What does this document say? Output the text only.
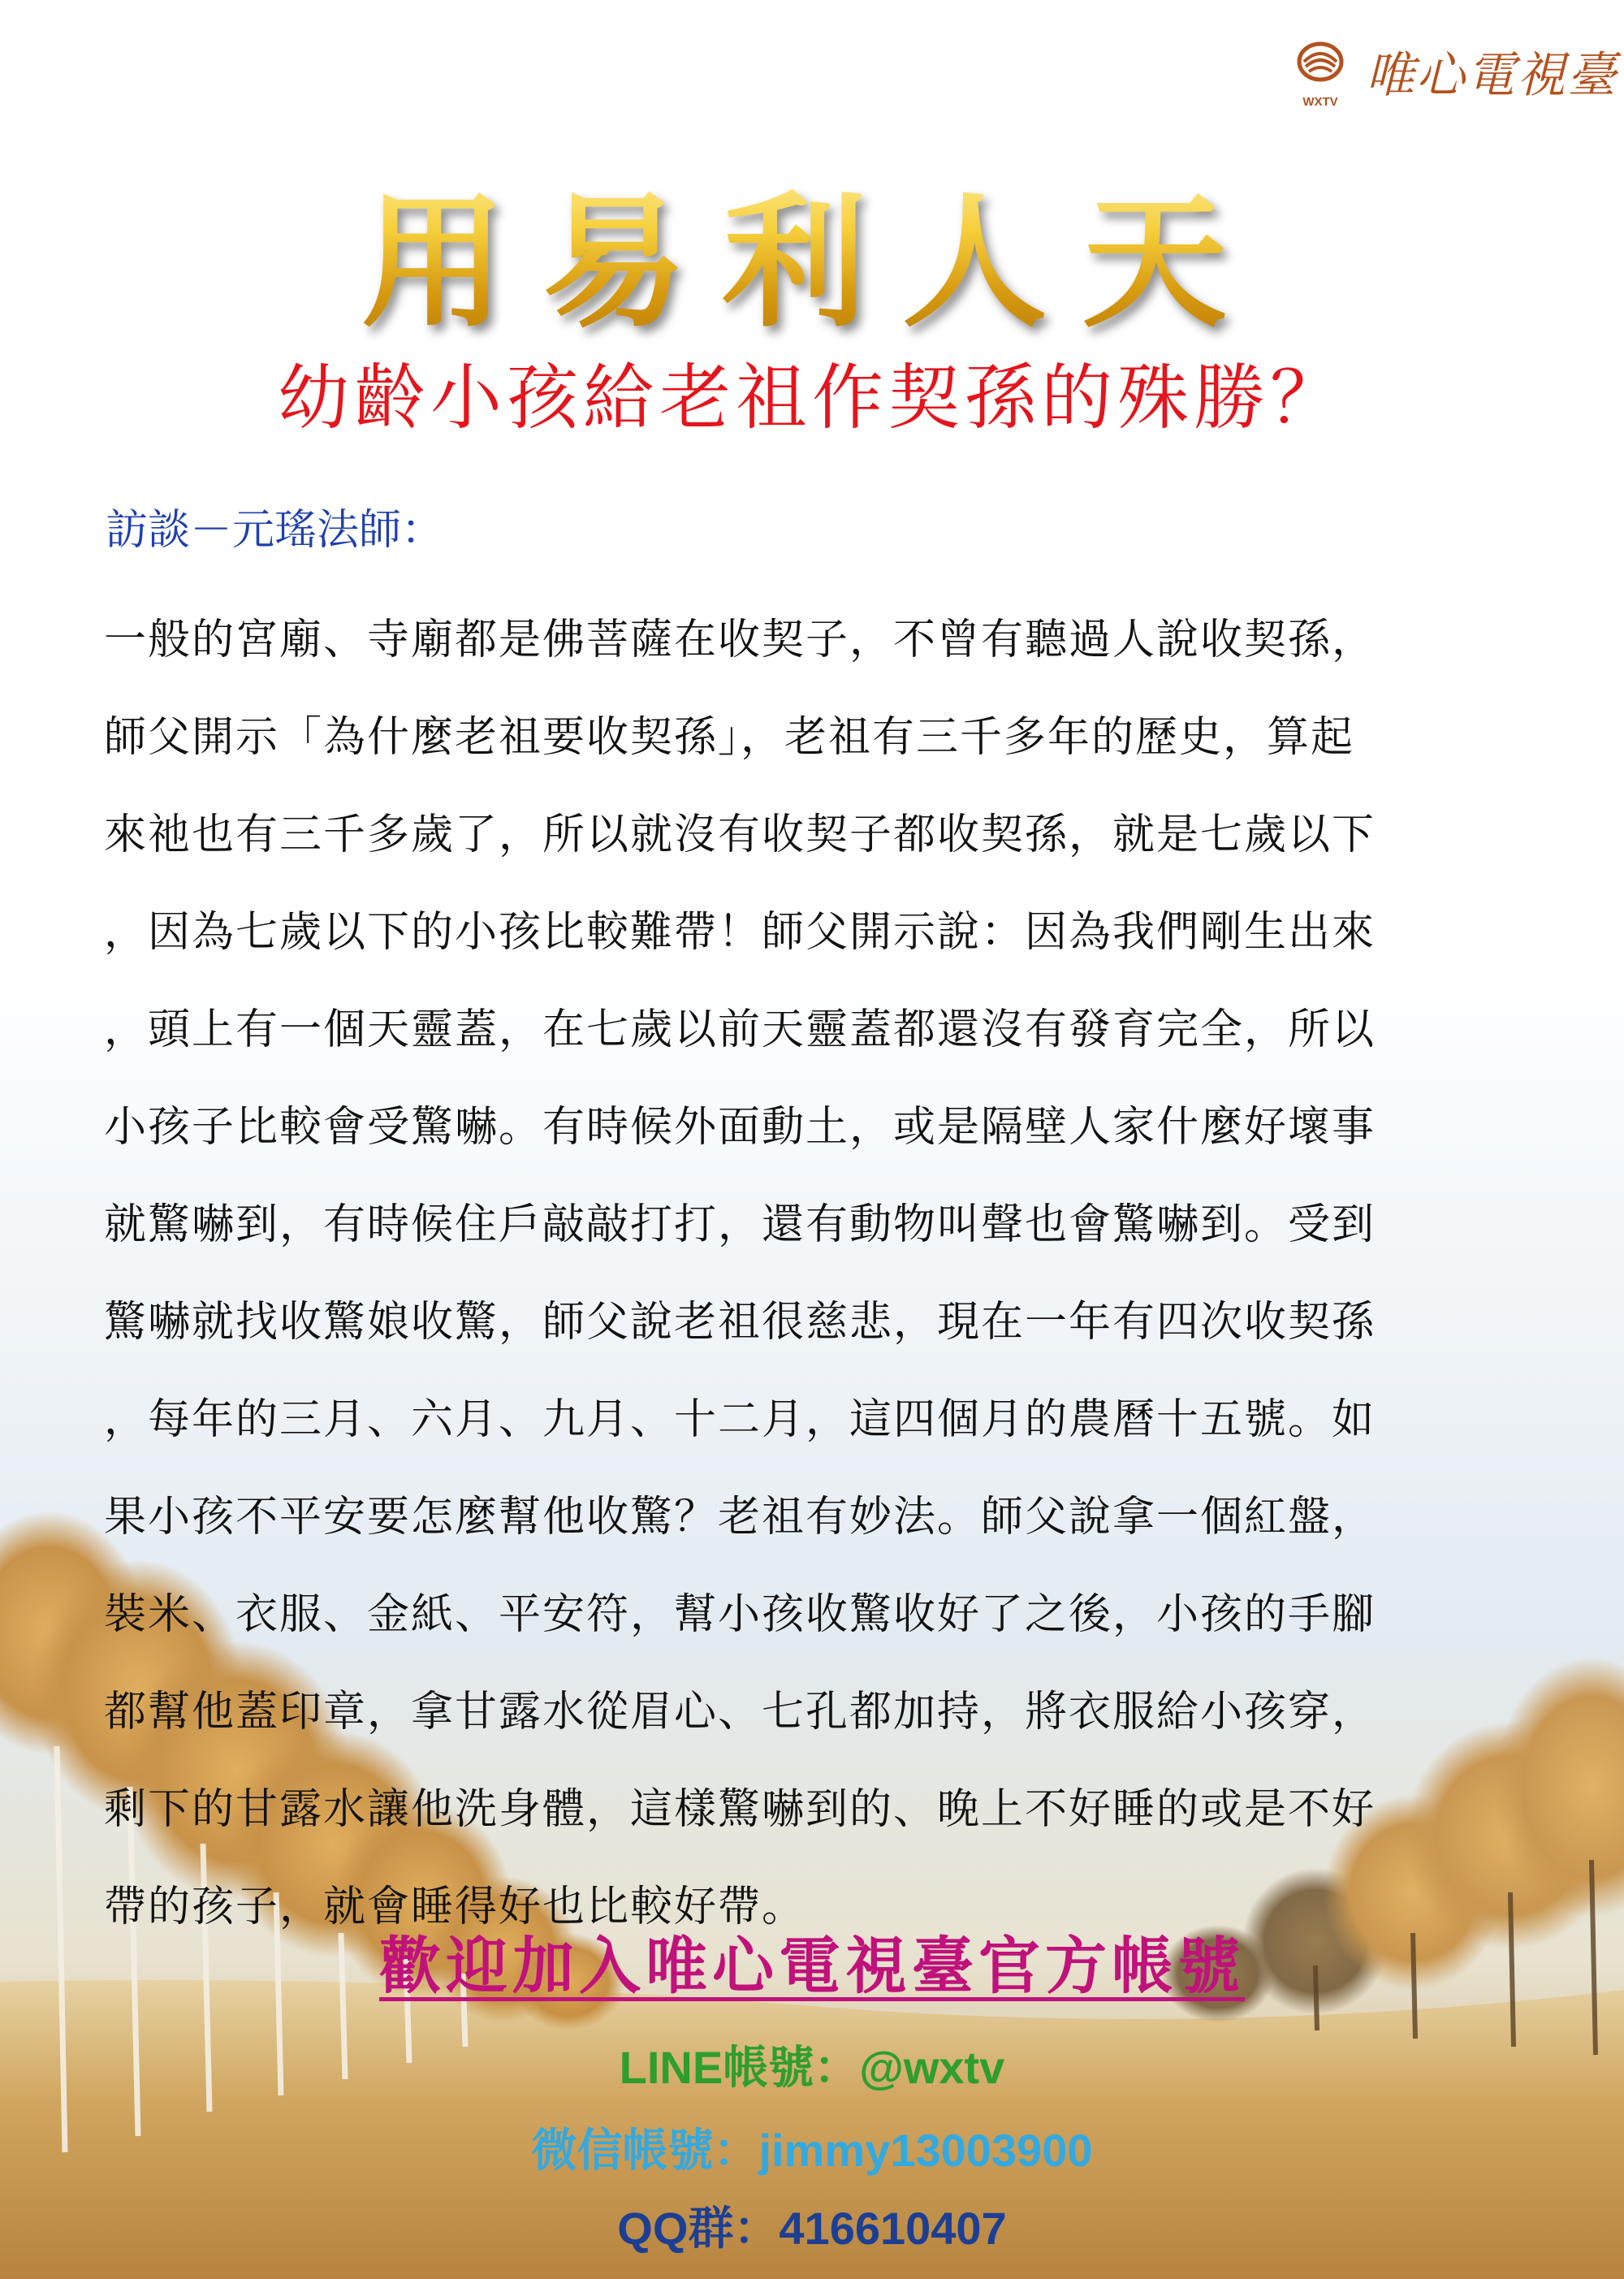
WXTV 唯心電視臺
用易利人天
幼齡小孩給老祖作契孫的殊勝？
訪談－元瑤法師：
一般的宮廟、寺廟都是佛菩薩在收契子，不曾有聽過人說收契孫，
師父開示「為什麼老祖要收契孫」，老祖有三千多年的歷史，算起
來祂也有三千多歲了，所以就沒有收契子都收契孫，就是七歲以下
，因為七歲以下的小孩比較難帶！師父開示說：因為我們剛生出來
，頭上有一個天靈蓋，在七歲以前天靈蓋都還沒有發育完全，所以
小孩子比較會受驚嚇。有時候外面動土，或是隔壁人家什麼好壞事
就驚嚇到，有時候住戶敲敲打打，還有動物叫聲也會驚嚇到。受到
驚嚇就找收驚娘收驚，師父說老祖很慈悲，現在一年有四次收契孫
，每年的三月、六月、九月、十二月，這四個月的農曆十五號。如
果小孩不平安要怎麼幫他收驚？老祖有妙法。師父說拿一個紅盤，
裝米、衣服、金紙、平安符，幫小孩收驚收好了之後，小孩的手腳
都幫他蓋印章，拿甘露水從眉心、七孔都加持，將衣服給小孩穿，
剩下的甘露水讓他洗身體，這樣驚嚇到的、晚上不好睡的或是不好
帶的孩子，就會睡得好也比較好帶。
歡迎加入唯心電視臺官方帳號
LINE帳號：@wxtv
微信帳號：jimmy13003900
QQ群：416610407
